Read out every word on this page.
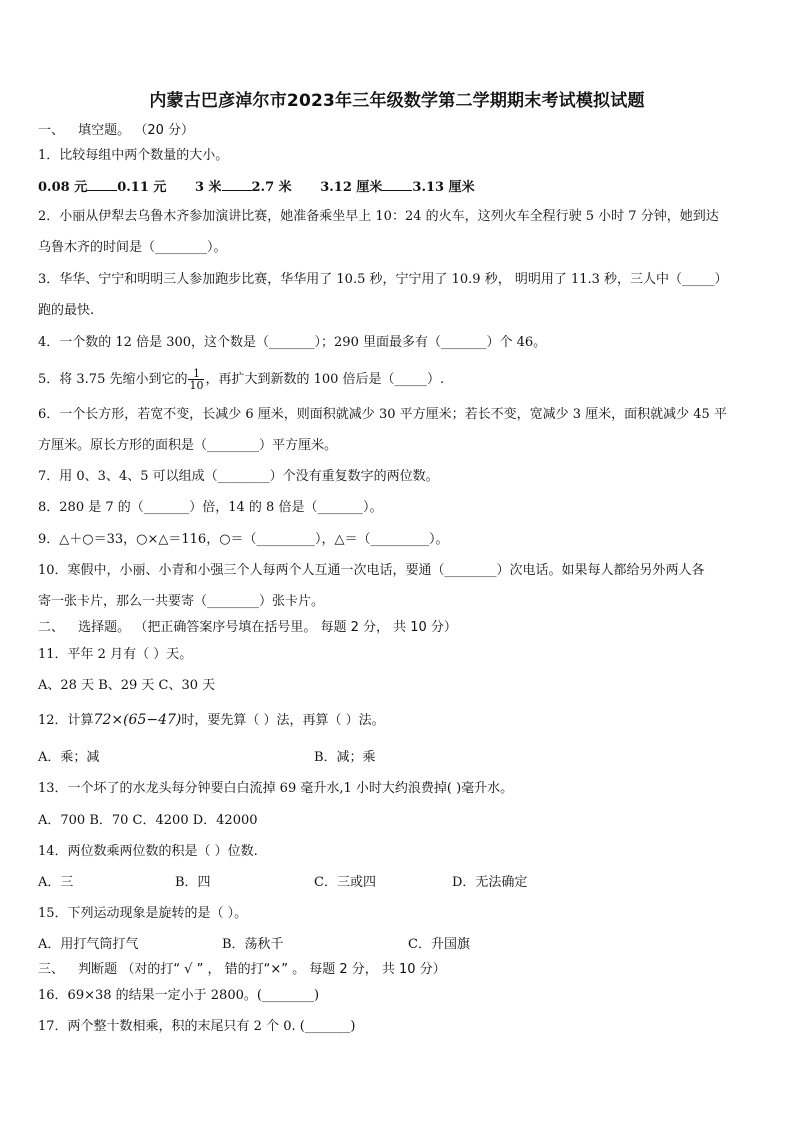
内蒙古巴彦淖尔市2023年三年级数学第二学期期末考试模拟试题
一、 填空题。 （20 分）
1．比较每组中两个数量的大小。
0.08 元 0.11 元 3 米 2.7 米 3.12 厘米 3.13 厘米
2．小丽从伊犁去乌鲁木齐参加演讲比赛，她准备乘坐早上 10：24 的火车，这列火车全程行驶 5 小时 7 分钟，她到达
乌鲁木齐的时间是（________）。
3．华华、宁宁和明明三人参加跑步比赛，华华用了 10.5 秒，宁宁用了 10.9 秒， 明明用了 11.3 秒，三人中（_____）
跑的最快.
4．一个数的 12 倍是 300，这个数是（_______）；290 里面最多有（_______）个 46。
5．将 3.75 先缩小到它的 $\frac{1}{10}$ ，再扩大到新数的 100 倍后是（_____）.
6．一个长方形，若宽不变，长减少 6 厘米，则面积就减少 30 平方厘米；若长不变，宽减少 3 厘米，面积就减少 45 平
方厘米。原长方形的面积是（________）平方厘米。
7．用 0、3、4、5 可以组成（________）个没有重复数字的两位数。
8．280 是 7 的（_______）倍，14 的 8 倍是（_______）。
9．△＋○＝33，○×△＝116，○＝（_________），△＝（_________）。
10．寒假中，小丽、小青和小强三个人每两个人互通一次电话，要通（________）次电话。如果每人都给另外两人各
寄一张卡片，那么一共要寄（________）张卡片。
二、 选择题。 （把正确答案序号填在括号里。 每题 2 分， 共 10 分）
11．平年 2 月有（ ）天。
A、28 天 B、29 天 C、30 天
12．计算72×(65−47)时，要先算（ ）法，再算（ ）法。
A．乘；减	B．减；乘
13．一个坏了的水龙头每分钟要白白流掉 69 毫升水,1 小时大约浪费掉( )毫升水。
A．700 B．70 C．4200 D．42000
14．两位数乘两位数的积是（ ）位数.
A．三	B．四	C．三或四	D．无法确定
15．下列运动现象是旋转的是（ ）。
A．用打气筒打气	B．荡秋千	C．升国旗
三、 判断题 （对的打“ √ ” ， 错的打“×” 。 每题 2 分， 共 10 分）
16．69×38 的结果一定小于 2800。(________)
17．两个整十数相乘，积的末尾只有 2 个 0. (_______)
